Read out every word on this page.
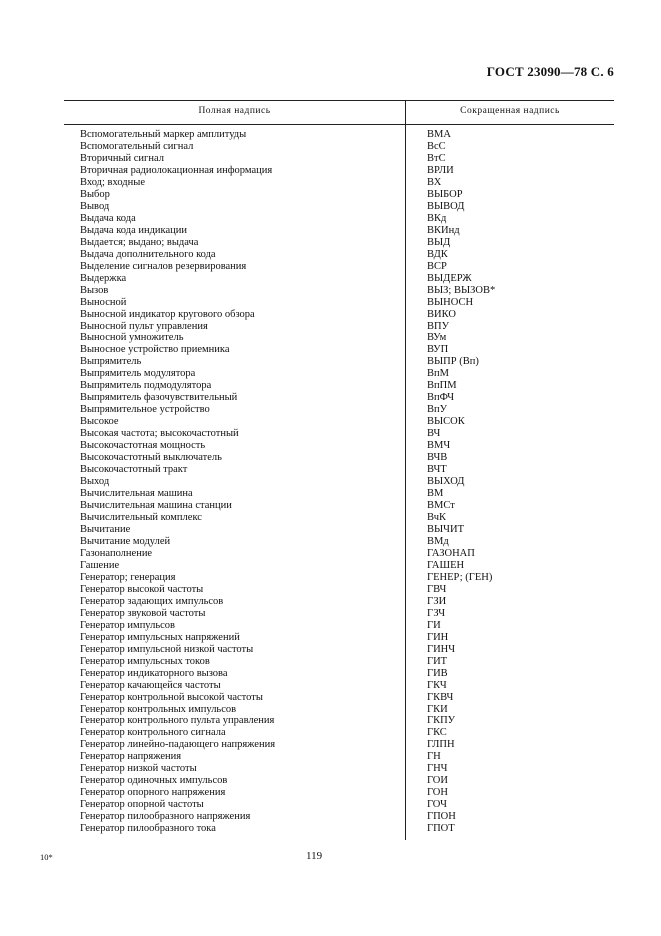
ГОСТ 23090—78 С. 6
Полная надпись	Сокращенная надпись
Вспомогательный маркер амплитуды	ВМА
Вспомогательный сигнал	ВсС
Вторичный сигнал	ВтС
Вторичная радиолокационная информация	ВРЛИ
Вход; входные	ВХ
Выбор	ВЫБОР
Вывод	ВЫВОД
Выдача кода	ВКд
Выдача кода индикации	ВКИнд
Выдается; выдано; выдача	ВЫД
Выдача дополнительного кода	ВДК
Выделение сигналов резервирования	ВСР
Выдержка	ВЫДЕРЖ
Вызов	ВЫЗ; ВЫЗОВ*
Выносной	ВЫНОСН
Выносной индикатор кругового обзора	ВИКО
Выносной пульт управления	ВПУ
Выносной умножитель	ВУм
Выносное устройство приемника	ВУП
Выпрямитель	ВЫПР (Вп)
Выпрямитель модулятора	ВпМ
Выпрямитель подмодулятора	ВпПМ
Выпрямитель фазочувствительный	ВпФЧ
Выпрямительное устройство	ВпУ
Высокое	ВЫСОК
Высокая частота; высокочастотный	ВЧ
Высокочастотная мощность	ВМЧ
Высокочастотный выключатель	ВЧВ
Высокочастотный тракт	ВЧТ
Выход	ВЫХОД
Вычислительная машина	ВМ
Вычислительная машина станции	ВМСт
Вычислительный комплекс	ВчК
Вычитание	ВЫЧИТ
Вычитание модулей	ВМд
Газонаполнение	ГАЗОНАП
Гашение	ГАШЕН
Генератор; генерация	ГЕНЕР; (ГЕН)
Генератор высокой частоты	ГВЧ
Генератор задающих импульсов	ГЗИ
Генератор звуковой частоты	ГЗЧ
Генератор импульсов	ГИ
Генератор импульсных напряжений	ГИН
Генератор импульсной низкой частоты	ГИНЧ
Генератор импульсных токов	ГИТ
Генератор индикаторного вызова	ГИВ
Генератор качающейся частоты	ГКЧ
Генератор контрольной высокой частоты	ГКВЧ
Генератор контрольных импульсов	ГКИ
Генератор контрольного пульта управления	ГКПУ
Генератор контрольного сигнала	ГКС
Генератор линейно-падающего напряжения	ГЛПН
Генератор напряжения	ГН
Генератор низкой частоты	ГНЧ
Генератор одиночных импульсов	ГОИ
Генератор опорного напряжения	ГОН
Генератор опорной частоты	ГОЧ
Генератор пилообразного напряжения	ГПОН
Генератор пилообразного тока	ГПОТ
10*	119
